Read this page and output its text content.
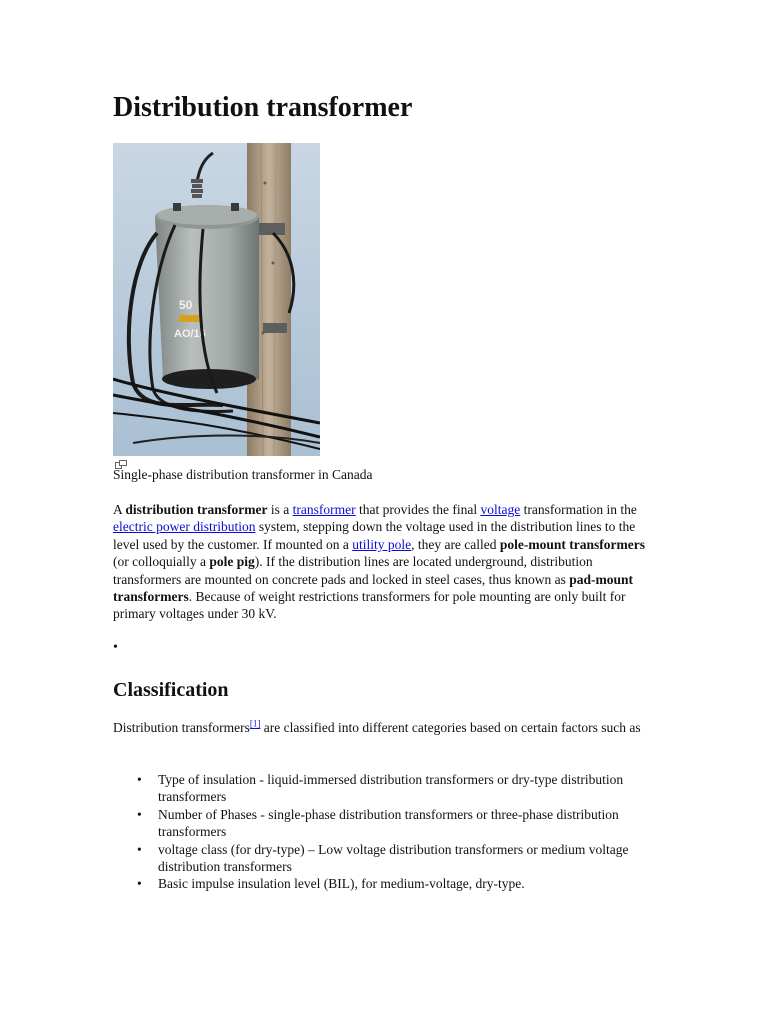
Distribution transformer
50
AO/16

Single-phase distribution transformer in Canada

A distribution transformer is a transformer that provides the final voltage transformation in the electric power distribution system, stepping down the voltage used in the distribution lines to the level used by the customer. If mounted on a utility pole, they are called pole-mount transformers (or colloquially a pole pig). If the distribution lines are located underground, distribution transformers are mounted on concrete pads and locked in steel cases, thus known as pad-mount transformers. Because of weight restrictions transformers for pole mounting are only built for primary voltages under 30 kV.

•
Classification

Distribution transformers[1] are classified into different categories based on certain factors such as

• Type of insulation - liquid-immersed distribution transformers or dry-type distribution transformers
• Number of Phases - single-phase distribution transformers or three-phase distribution transformers
• voltage class (for dry-type) – Low voltage distribution transformers or medium voltage distribution transformers
• Basic impulse insulation level (BIL), for medium-voltage, dry-type.
